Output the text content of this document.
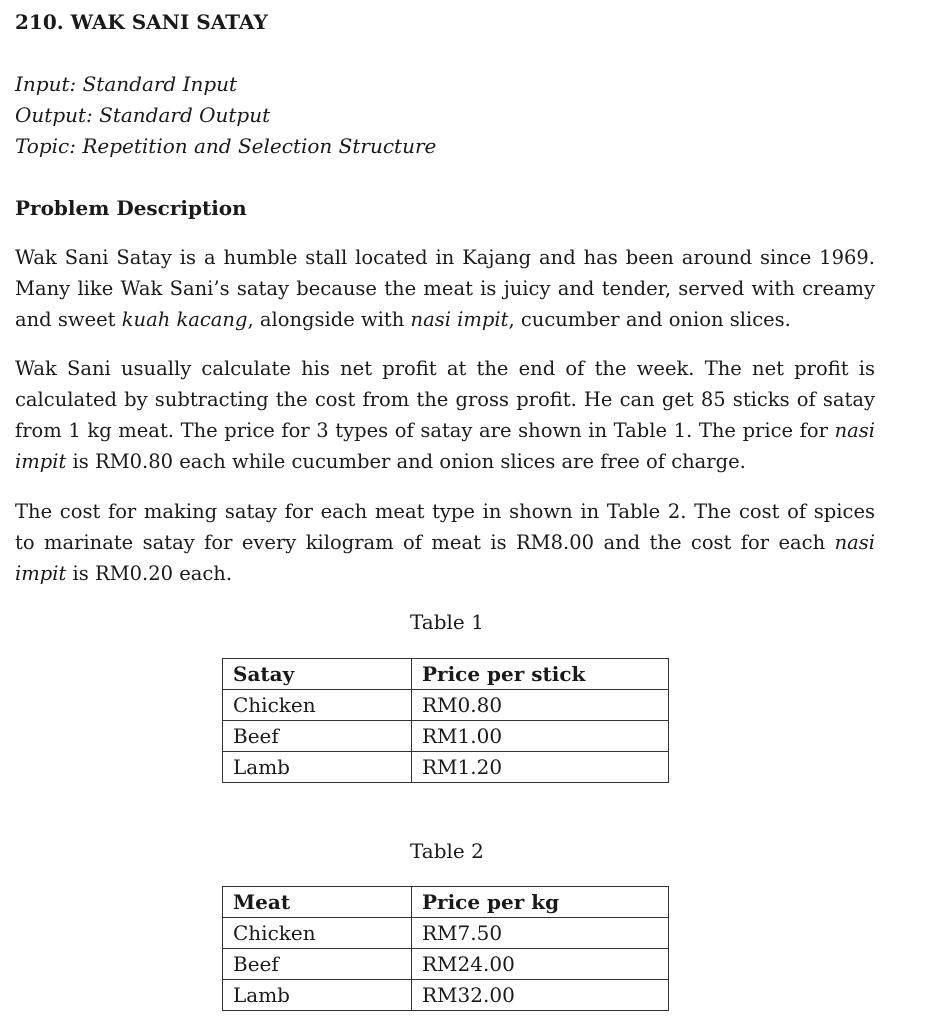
210. WAK SANI SATAY
Input: Standard Input
Output: Standard Output
Topic: Repetition and Selection Structure
Problem Description
Wak Sani Satay is a humble stall located in Kajang and has been around since 1969. Many like Wak Sani’s satay because the meat is juicy and tender, served with creamy and sweet kuah kacang, alongside with nasi impit, cucumber and onion slices.
Wak Sani usually calculate his net profit at the end of the week. The net profit is calculated by subtracting the cost from the gross profit. He can get 85 sticks of satay from 1 kg meat. The price for 3 types of satay are shown in Table 1. The price for nasi impit is RM0.80 each while cucumber and onion slices are free of charge.
The cost for making satay for each meat type in shown in Table 2. The cost of spices to marinate satay for every kilogram of meat is RM8.00 and the cost for each nasi impit is RM0.20 each.
Table 1
Satay	Price per stick
Chicken	RM0.80
Beef	RM1.00
Lamb	RM1.20
Table 2
Meat	Price per kg
Chicken	RM7.50
Beef	RM24.00
Lamb	RM32.00
